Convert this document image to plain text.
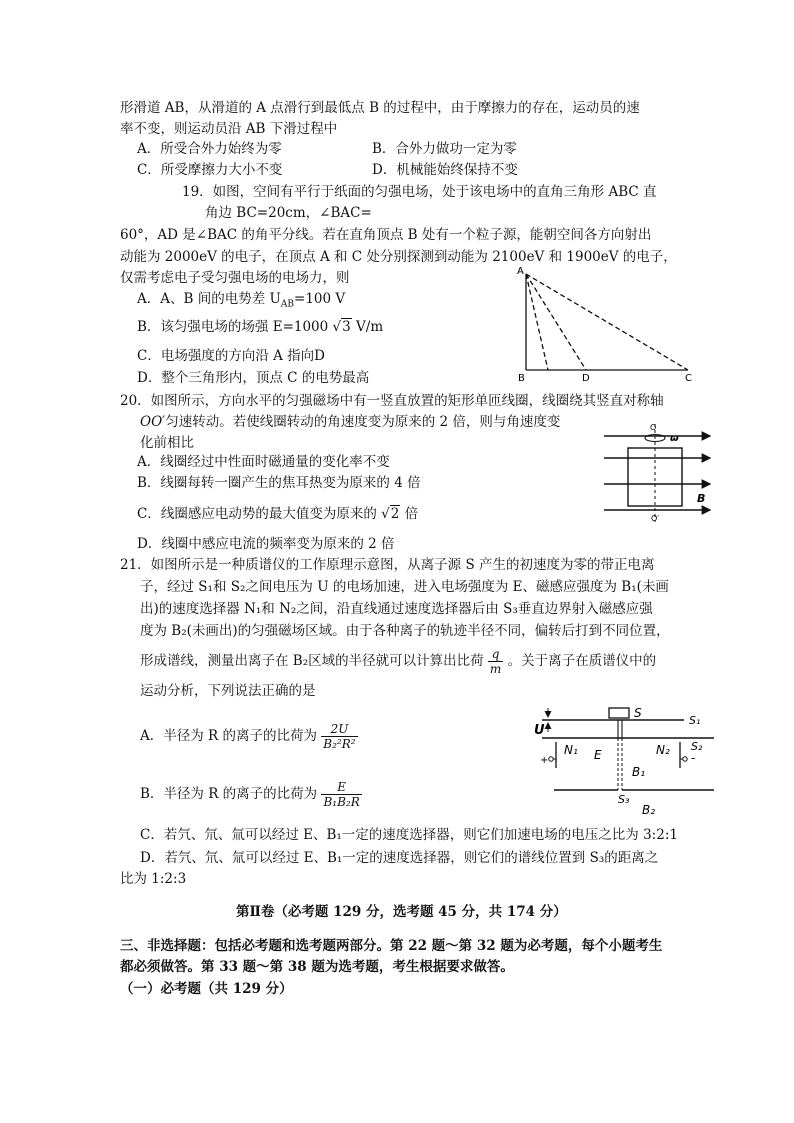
形滑道 AB，从滑道的 A 点滑行到最低点 B 的过程中，由于摩擦力的存在，运动员的速
率不变，则运动员沿 AB 下滑过程中
A．所受合外力始终为零	B．合外力做功一定为零
C．所受摩擦力大小不变	D．机械能始终保持不变
19．如图，空间有平行于纸面的匀强电场，处于该电场中的直角三角形 ABC 直
角边 BC=20cm，∠BAC=
60°，AD 是∠BAC 的角平分线。若在直角顶点 B 处有一个粒子源，能朝空间各方向射出
动能为 2000eV 的电子，在顶点 A 和 C 处分别探测到动能为 2100eV 和 1900eV 的电子，
仅需考虑电子受匀强电场的电场力，则
A．A、B 间的电势差 $U_{AB}=100$ V
B．该匀强电场的场强 E=1000 √3 V/m
C．电场强度的方向沿 A 指向D
D．整个三角形内，顶点 C 的电势最高
A
B	D	C
20．如图所示，方向水平的匀强磁场中有一竖直放置的矩形单匝线圈，线圈绕其竖直对称轴
OO′匀速转动。若使线圈转动的角速度变为原来的 2 倍，则与角速度变
化前相比
A．线圈经过中性面时磁通量的变化率不变
B．线圈每转一圈产生的焦耳热变为原来的 4 倍
C．线圈感应电动势的最大值变为原来的 √2 倍
D．线圈中感应电流的频率变为原来的 2 倍
O
ω
B
O′
21．如图所示是一种质谱仪的工作原理示意图，从离子源 S 产生的初速度为零的带正电离
子，经过 S₁和 S₂之间电压为 U 的电场加速，进入电场强度为 E、磁感应强度为 B₁(未画
出)的速度选择器 N₁和 N₂之间，沿直线通过速度选择器后由 S₃垂直边界射入磁感应强
度为 B₂(未画出)的匀强磁场区域。由于各种离子的轨迹半径不同，偏转后打到不同位置，
形成谱线，测量出离子在 B₂区域的半径就可以计算出比荷 $\frac{q}{m}$ 。关于离子在质谱仪中的
运动分析，下列说法正确的是
A．半径为 R 的离子的比荷为 $\frac{2U}{\text{B₂²R²}}$
B．半径为 R 的离子的比荷为 $\frac{E}{\text{B₁B₂R}}$
C．若氕、氘、氚可以经过 E、B₁一定的速度选择器，则它们加速电场的电压之比为 3:2:1
D．若氕、氘、氚可以经过 E、B₁一定的速度选择器，则它们的谱线位置到 S₃的距离之
比为 1:2:3
U
S
S₁
S₂
N₁ E	N₂
B₁
S₃
B₂
+	-
第Ⅱ卷（必考题 129 分，选考题 45 分，共 174 分）
三、非选择题：包括必考题和选考题两部分。第 22 题～第 32 题为必考题，每个小题考生
都必须做答。第 33 题～第 38 题为选考题，考生根据要求做答。
（一）必考题（共 129 分）
